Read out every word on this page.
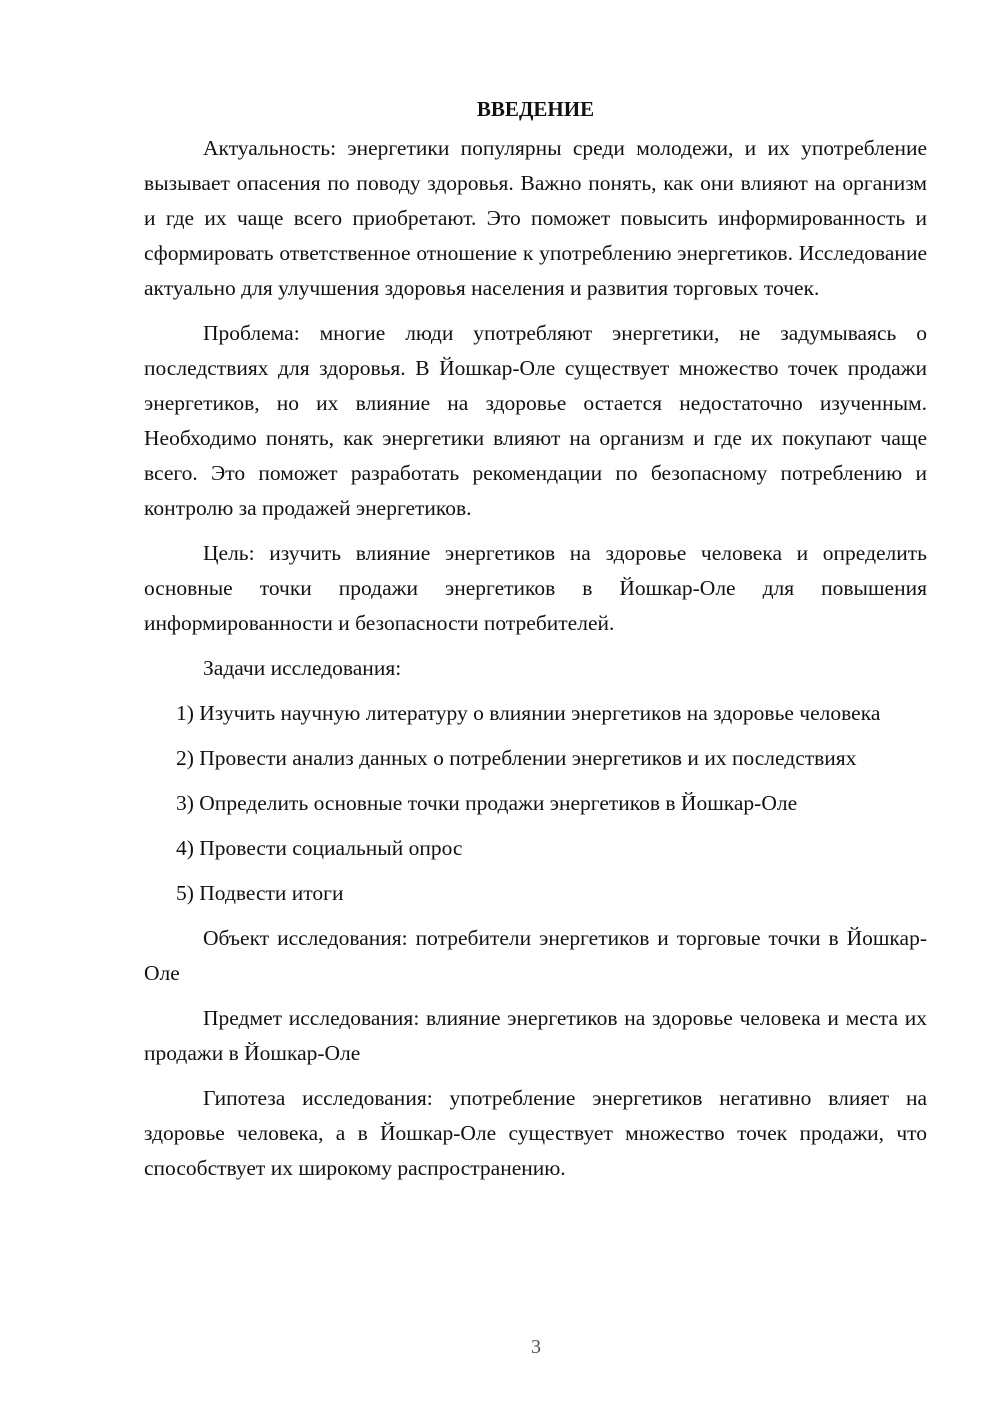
ВВЕДЕНИЕ

Актуальность: энергетики популярны среди молодежи, и их употребление вызывает опасения по поводу здоровья. Важно понять, как они влияют на организм и где их чаще всего приобретают. Это поможет повысить информированность и сформировать ответственное отношение к употреблению энергетиков. Исследование актуально для улучшения здоровья населения и развития торговых точек.

Проблема: многие люди употребляют энергетики, не задумываясь о последствиях для здоровья. В Йошкар-Оле существует множество точек продажи энергетиков, но их влияние на здоровье остается недостаточно изученным. Необходимо понять, как энергетики влияют на организм и где их покупают чаще всего. Это поможет разработать рекомендации по безопасному потреблению и контролю за продажей энергетиков.

Цель: изучить влияние энергетиков на здоровье человека и определить основные точки продажи энергетиков в Йошкар-Оле для повышения информированности и безопасности потребителей.

Задачи исследования:

1) Изучить научную литературу о влиянии энергетиков на здоровье человека

2) Провести анализ данных о потреблении энергетиков и их последствиях

3) Определить основные точки продажи энергетиков в Йошкар-Оле

4) Провести социальный опрос

5) Подвести итоги

Объект исследования: потребители энергетиков и торговые точки в Йошкар-Оле

Предмет исследования: влияние энергетиков на здоровье человека и места их продажи в Йошкар-Оле

Гипотеза исследования: употребление энергетиков негативно влияет на здоровье человека, а в Йошкар-Оле существует множество точек продажи, что способствует их широкому распространению.

3
